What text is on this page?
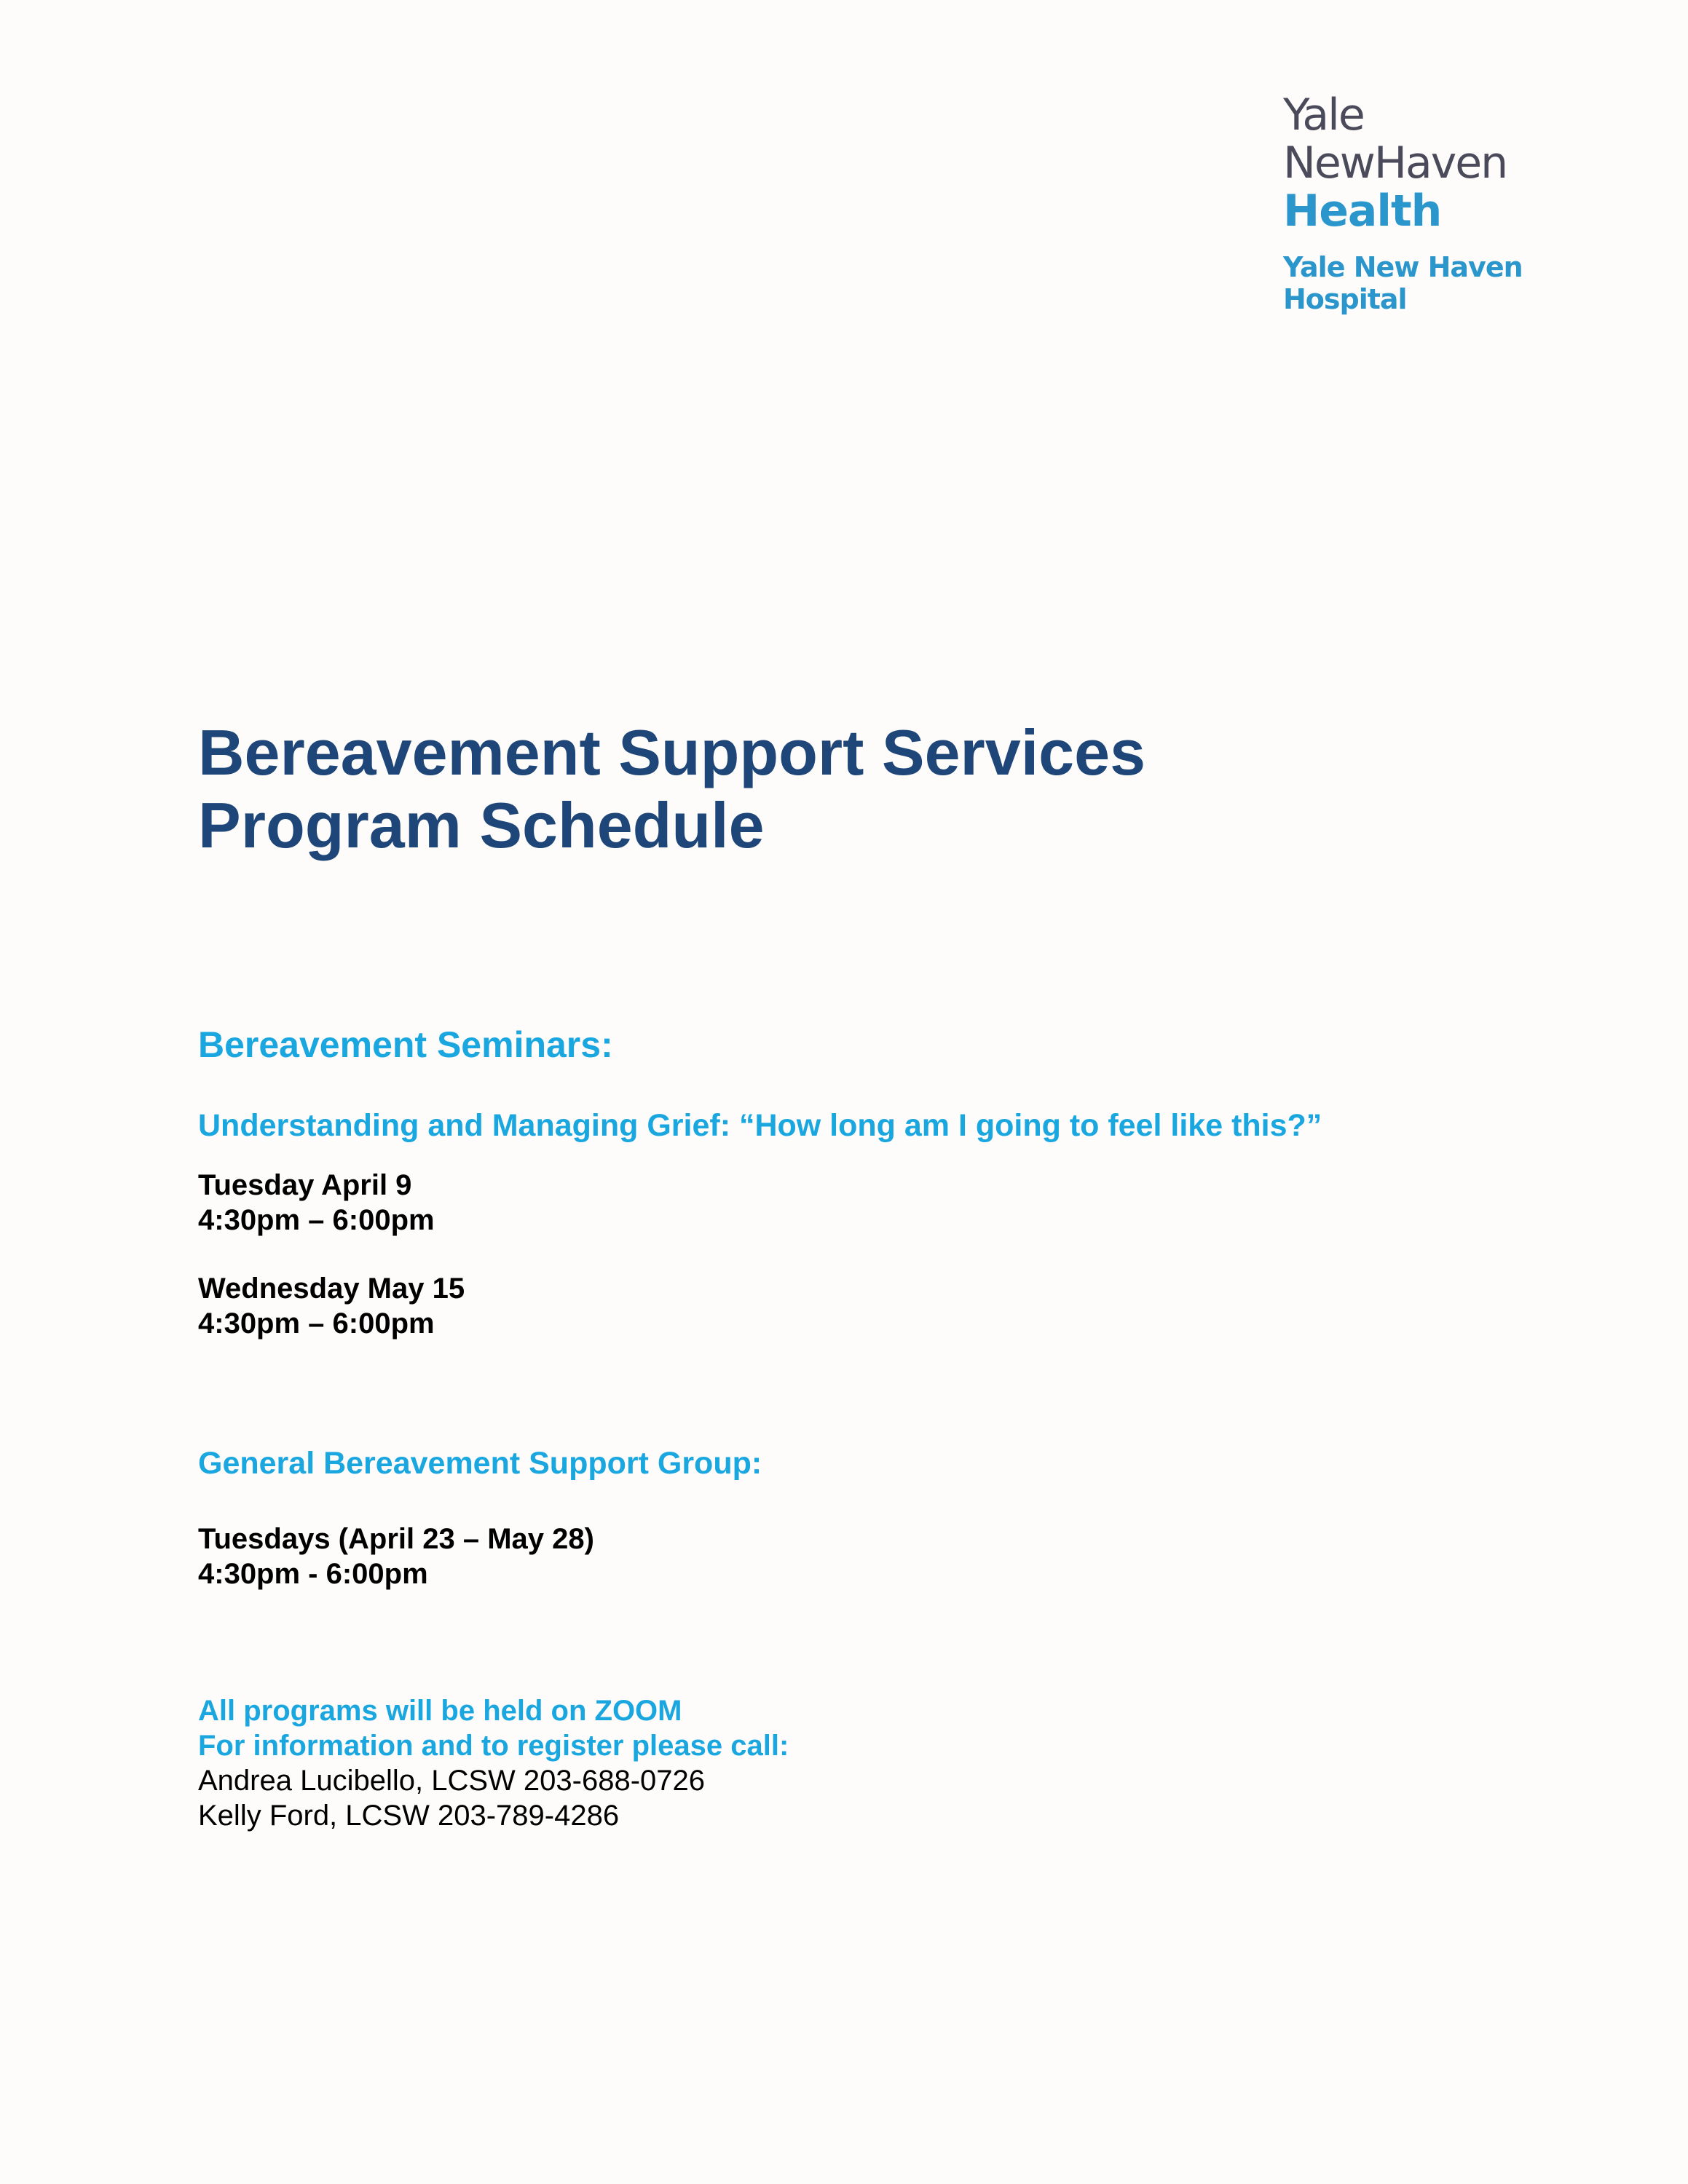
Yale
NewHaven
Health
Yale New Haven
Hospital
Bereavement Support Services
Program Schedule
Bereavement Seminars:
Understanding and Managing Grief: “How long am I going to feel like this?”
Tuesday April 9
4:30pm – 6:00pm
Wednesday May 15
4:30pm – 6:00pm
General Bereavement Support Group:
Tuesdays (April 23 – May 28)
4:30pm - 6:00pm
All programs will be held on ZOOM
For information and to register please call:
Andrea Lucibello, LCSW 203-688-0726
Kelly Ford, LCSW 203-789-4286
